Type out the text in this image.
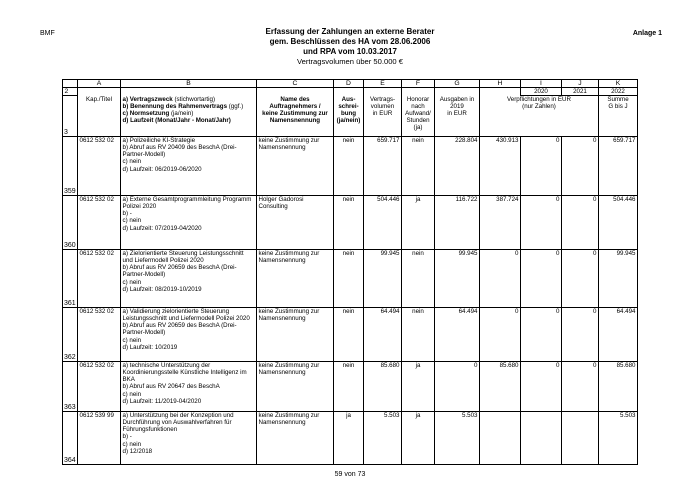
BMF	Anlage 1
Erfassung der Zahlungen an externe Berater
gem. Beschlüssen des HA vom 28.06.2006
und RPA vom 10.03.2017
Vertragsvolumen über 50.000 €
	A	B	C	D	E	F	G	H	I	J	K
2									2020	2021	2022

3	Kap./Titel	a) Vertragszweck (stichwortartig)
b) Benennung des Rahmenvertrags (ggf.)
c) Normsetzung (ja/nein)
d) Laufzeit (Monat/Jahr - Monat/Jahr)	Name des
Auftragnehmers /
keine Zustimmung zur
Namensnennung	Aus-
schrei-
bung
(ja/nein)	Vertrags-
volumen
in EUR	Honorar
nach
Aufwand/
Stunden
(ja)	Ausgaben in
2019
in EUR	Verpflichtungen in EUR
(nur Zahlen)			Summe
G bis J

359	0612 532 02	a) Polizeiliche KI-Strategie
b) Abruf aus RV 20409 des BeschA (Drei-Partner-Modell)
c) nein
d) Laufzeit: 06/2019-06/2020	keine Zustimmung zur
Namensnennung	nein	659.717	nein	228.804	430.913	0	0	659.717

360	0612 532 02	a) Externe Gesamtprogrammleitung Programm Polizei 2020
b) -
c) nein
d) Laufzeit: 07/2019-04/2020	Holger Gadorosi
Consulting	nein	504.446	ja	116.722	387.724	0	0	504.446

361	0612 532 02	a) Zielorientierte Steuerung Leistungsschnitt und Liefermodell Polizei 2020
b) Abruf aus RV 20659 des BeschA (Drei-Partner-Modell)
c) nein
d) Laufzeit: 08/2019-10/2019	keine Zustimmung zur
Namensnennung	nein	99.945	nein	99.945	0	0	0	99.945

362	0612 532 02	a) Validierung zielorientierte Steuerung Leistungsschnitt und Liefermodell Polizei 2020
b) Abruf aus RV 20659 des BeschA (Drei-Partner-Modell)
c) nein
d) Laufzeit: 10/2019	keine Zustimmung zur
Namensnennung	nein	64.494	nein	64.494	0	0	0	64.494

363	0612 532 02	a) technische Unterstützung der Koordinierungsstelle Künstliche Intelligenz im BKA
b) Abruf aus RV 20647 des BeschA
c) nein
d) Laufzeit: 11/2019-04/2020	keine Zustimmung zur
Namensnennung	nein	85.680	ja	0	85.680	0	0	85.680

364	0612 539 99	a) Unterstützung bei der Konzeption und Durchführung von Auswahlverfahren für Führungsfunktionen
b) -
c) nein
d) 12/2018	keine Zustimmung zur
Namensnennung	ja	5.503	ja	5.503				5.503
59 von 73
